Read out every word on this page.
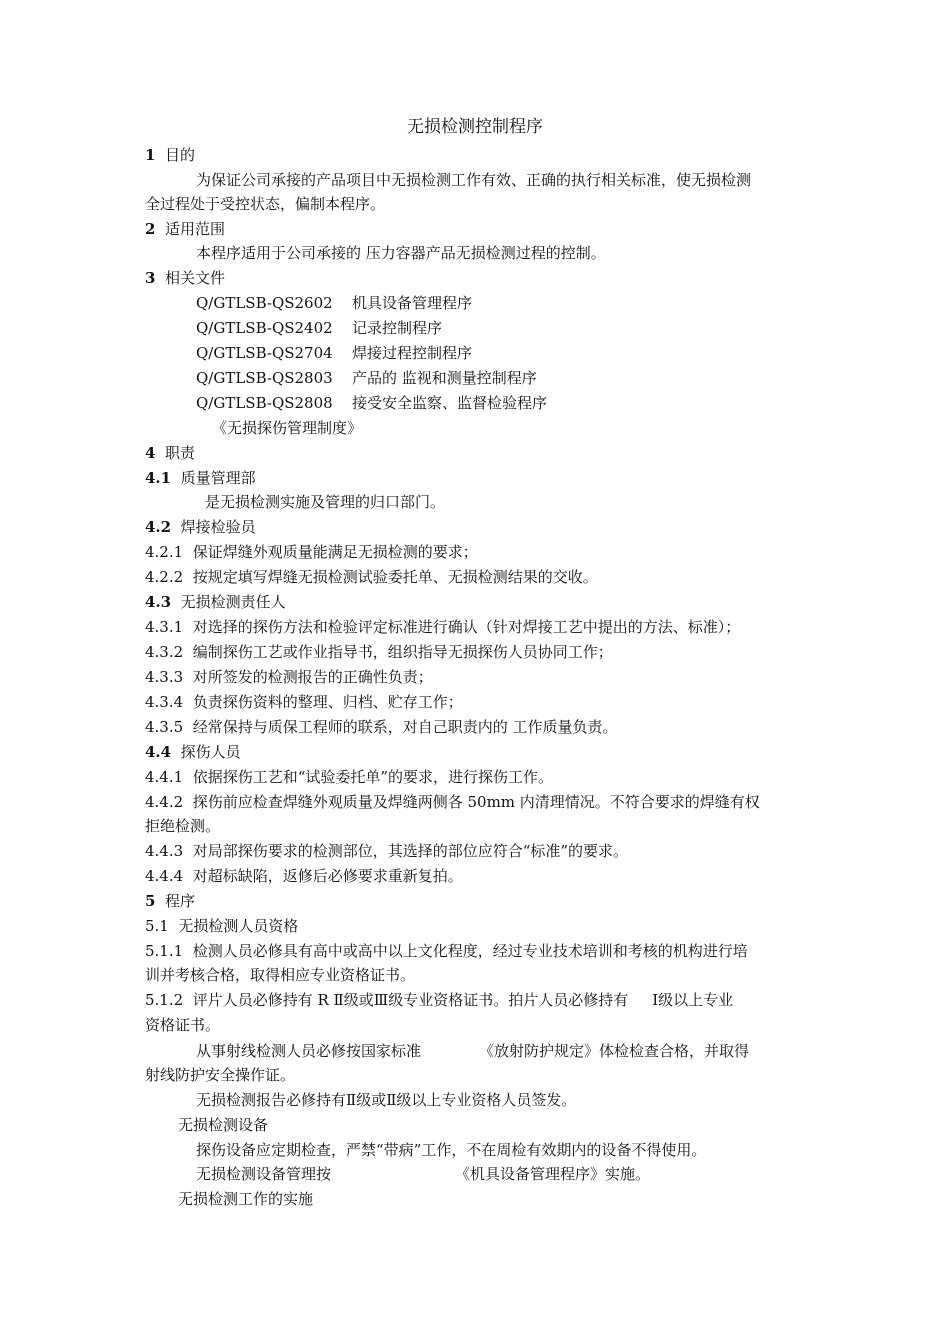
无损检测控制程序
1 目的
为保证公司承接的产品项目中无损检测工作有效、正确的执行相关标准，使无损检测
全过程处于受控状态，偏制本程序。
2 适用范围
本程序适用于公司承接的 压力容器产品无损检测过程的控制。
3 相关文件
Q/GTLSB-QS2602 机具设备管理程序
Q/GTLSB-QS2402 记录控制程序
Q/GTLSB-QS2704 焊接过程控制程序
Q/GTLSB-QS2803 产品的 监视和测量控制程序
Q/GTLSB-QS2808 接受安全监察、监督检验程序
《无损探伤管理制度》
4 职责
4.1 质量管理部
是无损检测实施及管理的归口部门。
4.2 焊接检验员
4.2.1 保证焊缝外观质量能满足无损检测的要求；
4.2.2 按规定填写焊缝无损检测试验委托单、无损检测结果的交收。
4.3 无损检测责任人
4.3.1 对选择的探伤方法和检验评定标准进行确认（针对焊接工艺中提出的方法、标准）；
4.3.2 编制探伤工艺或作业指导书，组织指导无损探伤人员协同工作；
4.3.3 对所签发的检测报告的正确性负责；
4.3.4 负责探伤资料的整理、归档、贮存工作；
4.3.5 经常保持与质保工程师的联系，对自己职责内的 工作质量负责。
4.4 探伤人员
4.4.1 依据探伤工艺和“试验委托单”的要求，进行探伤工作。
4.4.2 探伤前应检查焊缝外观质量及焊缝两侧各 50mm 内清理情况。不符合要求的焊缝有权
拒绝检测。
4.4.3 对局部探伤要求的检测部位，其选择的部位应符合“标准”的要求。
4.4.4 对超标缺陷，返修后必修要求重新复拍。
5 程序
5.1 无损检测人员资格
5.1.1 检测人员必修具有高中或高中以上文化程度，经过专业技术培训和考核的机构进行培
训并考核合格，取得相应专业资格证书。
5.1.2 评片人员必修持有 R Ⅱ级或Ⅲ级专业资格证书。拍片人员必修持有 Ⅰ级以上专业
资格证书。
从事射线检测人员必修按国家标准	《放射防护规定》体检检查合格，并取得
射线防护安全操作证。
无损检测报告必修持有Ⅱ级或Ⅱ级以上专业资格人员签发。
无损检测设备
探伤设备应定期检查，严禁“带病”工作，不在周检有效期内的设备不得使用。
无损检测设备管理按	《机具设备管理程序》实施。
无损检测工作的实施
